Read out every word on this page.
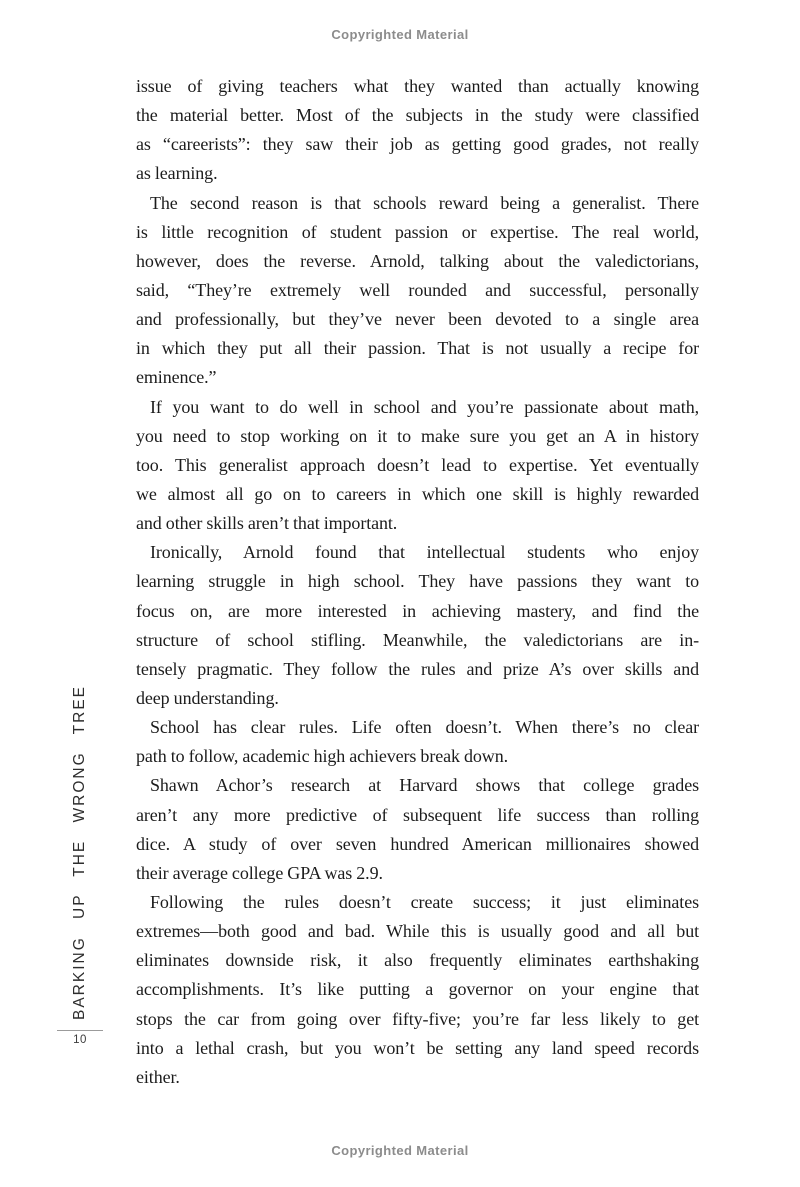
Copyrighted Material
BARKING UP THE WRONG TREE
10
issue of giving teachers what they wanted than actually knowing
the material better. Most of the subjects in the study were classified
as “careerists”: they saw their job as getting good grades, not really
as learning.
The second reason is that schools reward being a generalist. There
is little recognition of student passion or expertise. The real world,
however, does the reverse. Arnold, talking about the valedictorians,
said, “They’re extremely well rounded and successful, personally
and professionally, but they’ve never been devoted to a single area
in which they put all their passion. That is not usually a recipe for
eminence.”
If you want to do well in school and you’re passionate about math,
you need to stop working on it to make sure you get an A in history
too. This generalist approach doesn’t lead to expertise. Yet eventually
we almost all go on to careers in which one skill is highly rewarded
and other skills aren’t that important.
Ironically, Arnold found that intellectual students who enjoy
learning struggle in high school. They have passions they want to
focus on, are more interested in achieving mastery, and find the
structure of school stifling. Meanwhile, the valedictorians are in-
tensely pragmatic. They follow the rules and prize A’s over skills and
deep understanding.
School has clear rules. Life often doesn’t. When there’s no clear
path to follow, academic high achievers break down.
Shawn Achor’s research at Harvard shows that college grades
aren’t any more predictive of subsequent life success than rolling
dice. A study of over seven hundred American millionaires showed
their average college GPA was 2.9.
Following the rules doesn’t create success; it just eliminates
extremes—both good and bad. While this is usually good and all but
eliminates downside risk, it also frequently eliminates earthshaking
accomplishments. It’s like putting a governor on your engine that
stops the car from going over fifty-five; you’re far less likely to get
into a lethal crash, but you won’t be setting any land speed records
either.
Copyrighted Material
